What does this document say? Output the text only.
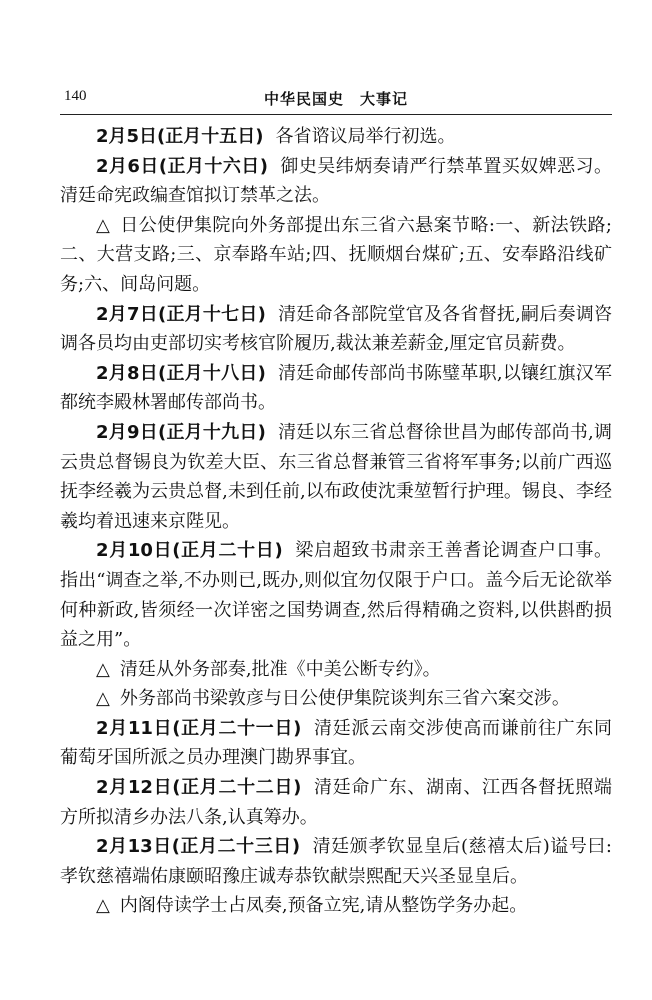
140	中华民国史　大事记

2月5日(正月十五日) 各省谘议局举行初选。

2月6日(正月十六日) 御史吴纬炳奏请严行禁革置买奴婢恶习。清廷命宪政编查馆拟订禁革之法。

△ 日公使伊集院向外务部提出东三省六悬案节略:一、新法铁路;二、大营支路;三、京奉路车站;四、抚顺烟台煤矿;五、安奉路沿线矿务;六、间岛问题。

2月7日(正月十七日) 清廷命各部院堂官及各省督抚,嗣后奏调咨调各员均由吏部切实考核官阶履历,裁汰兼差薪金,厘定官员薪费。

2月8日(正月十八日) 清廷命邮传部尚书陈璧革职,以镶红旗汉军都统李殿林署邮传部尚书。

2月9日(正月十九日) 清廷以东三省总督徐世昌为邮传部尚书,调云贵总督锡良为钦差大臣、东三省总督兼管三省将军事务;以前广西巡抚李经羲为云贵总督,未到任前,以布政使沈秉堃暂行护理。锡良、李经羲均着迅速来京陛见。

2月10日(正月二十日) 梁启超致书肃亲王善耆论调查户口事。指出“调查之举,不办则已,既办,则似宜勿仅限于户口。盖今后无论欲举何种新政,皆须经一次详密之国势调查,然后得精确之资料,以供斟酌损益之用”。

△ 清廷从外务部奏,批准《中美公断专约》。

△ 外务部尚书梁敦彦与日公使伊集院谈判东三省六案交涉。

2月11日(正月二十一日) 清廷派云南交涉使高而谦前往广东同葡萄牙国所派之员办理澳门勘界事宜。

2月12日(正月二十二日) 清廷命广东、湖南、江西各督抚照端方所拟清乡办法八条,认真筹办。

2月13日(正月二十三日) 清廷颁孝钦显皇后(慈禧太后)谥号曰:孝钦慈禧端佑康颐昭豫庄诚寿恭钦献崇熙配天兴圣显皇后。

△ 内阁侍读学士占凤奏,预备立宪,请从整饬学务办起。
